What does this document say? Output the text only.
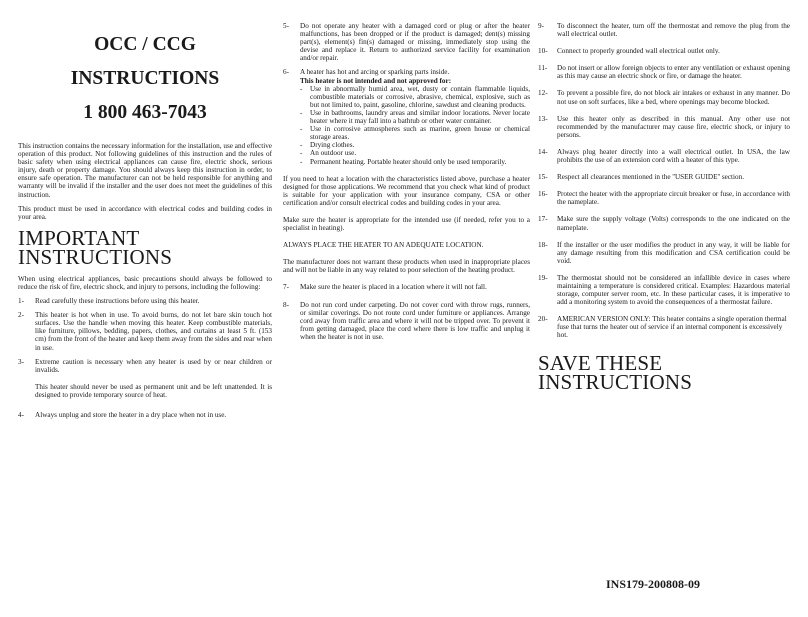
OCC / CCG
INSTRUCTIONS
1 800 463-7043

This instruction contains the necessary information for the installation, use and effective operation of this product. Not following guidelines of this instruction and the rules of basic safety when using electrical appliances can cause fire, electric shock, serious injury, death or property damage. You should always keep this instruction in order, to ensure safe operation. The manufacturer can not be held responsible for anything and warranty will be invalid if the installer and the user does not meet the guidelines of this instruction.

This product must be used in accordance with electrical codes and building codes in your area.

IMPORTANT
INSTRUCTIONS

When using electrical appliances, basic precautions should always be followed to reduce the risk of fire, electric shock, and injury to persons, including the following:

1-	Read carefully these instructions before using this heater.
2-	This heater is hot when in use. To avoid burns, do not let bare skin touch hot surfaces. Use the handle when moving this heater. Keep combustible materials, like furniture, pillows, bedding, papers, clothes, and curtains at least 5 ft. (153 cm) from the front of the heater and keep them away from the sides and rear when in use.
3-	Extreme caution is necessary when any heater is used by or near children or invalids.

This heater should never be used as permanent unit and be left unattended. It is designed to provide temporary source of heat.

4-	Always unplug and store the heater in a dry place when not in use.
5-	Do not operate any heater with a damaged cord or plug or after the heater malfunctions, has been dropped or if the product is damaged; dent(s) missing part(s), element(s) fin(s) damaged or missing, immediately stop using the devise and replace it. Return to authorized service facility for examination and/or repair.
6-	A heater has hot and arcing or sparking parts inside.
This heater is not intended and not approved for:
-	Use in abnormally humid area, wet, dusty or contain flammable liquids, combustible materials or corrosive, abrasive, chemical, explosive, such as but not limited to, paint, gasoline, chlorine, sawdust and cleaning products.
-	Use in bathrooms, laundry areas and similar indoor locations. Never locate heater where it may fall into a bathtub or other water container.
-	Use in corrosive atmospheres such as marine, green house or chemical storage areas.
-	Drying clothes.
-	An outdoor use.
-	Permanent heating. Portable heater should only be used temporarily.

If you need to heat a location with the characteristics listed above, purchase a heater designed for those applications. We recommend that you check what kind of product is suitable for your application with your insurance company, CSA or other certification and/or consult electrical codes and building codes in your area.

Make sure the heater is appropriate for the intended use (if needed, refer you to a specialist in heating).

ALWAYS PLACE THE HEATER TO AN ADEQUATE LOCATION.

The manufacturer does not warrant these products when used in inappropriate places and will not be liable in any way related to poor selection of the heating product.

7-	Make sure the heater is placed in a location where it will not fall.
8-	Do not run cord under carpeting. Do not cover cord with throw rugs, runners, or similar coverings. Do not route cord under furniture or appliances. Arrange cord away from traffic area and where it will not be tripped over. To prevent it from getting damaged, place the cord where there is low traffic and unplug it when the heater is not in use.
9-	To disconnect the heater, turn off the thermostat and remove the plug from the wall electrical outlet.
10-	Connect to properly grounded wall electrical outlet only.
11-	Do not insert or allow foreign objects to enter any ventilation or exhaust opening as this may cause an electric shock or fire, or damage the heater.
12-	To prevent a possible fire, do not block air intakes or exhaust in any manner. Do not use on soft surfaces, like a bed, where openings may become blocked.
13-	Use this heater only as described in this manual. Any other use not recommended by the manufacturer may cause fire, electric shock, or injury to persons.
14-	Always plug heater directly into a wall electrical outlet. In USA, the law prohibits the use of an extension cord with a heater of this type.
15-	Respect all clearances mentioned in the ''USER GUIDE'' section.
16-	Protect the heater with the appropriate circuit breaker or fuse, in accordance with the nameplate.
17-	Make sure the supply voltage (Volts) corresponds to the one indicated on the nameplate.
18-	If the installer or the user modifies the product in any way, it will be liable for any damage resulting from this modification and CSA certification could be void.
19-	The thermostat should not be considered an infallible device in cases where maintaining a temperature is considered critical. Examples: Hazardous material storage, computer server room, etc. In these particular cases, it is imperative to add a monitoring system to avoid the consequences of a thermostat failure.
20-	AMERICAN VERSION ONLY: This heater contains a single operation thermal fuse that turns the heater out of service if an internal component is excessively hot.
SAVE THESE
INSTRUCTIONS
INS179-200808-09
